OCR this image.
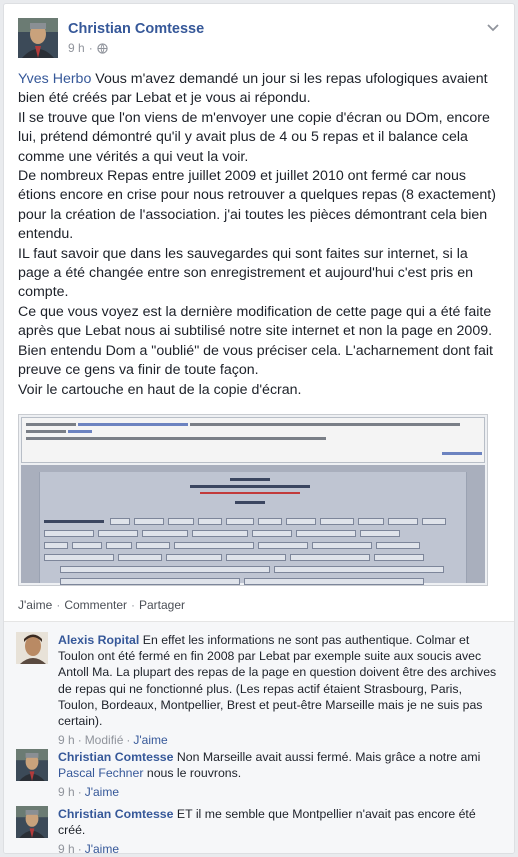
Christian Comtesse
9 h ·

Yves Herbo Vous m'avez demandé un jour si les repas ufologiques avaient bien été créés par Lebat et je vous ai répondu.

Il se trouve que l'on viens de m'envoyer une copie d'écran ou DOm, encore lui, prétend démontré qu'il y avait plus de 4 ou 5 repas et il balance cela comme une vérités a qui veut la voir.

De nombreux Repas entre juillet 2009 et juillet 2010 ont fermé car nous étions encore en crise pour nous retrouver a quelques repas (8 exactement) pour la création de l'association. j'ai toutes les pièces démontrant cela bien entendu.

IL faut savoir que dans les sauvegardes qui sont faites sur internet, si la page a été changée entre son enregistrement et aujourd'hui c'est pris en compte.

Ce que vous voyez est la dernière modification de cette page qui a été faite après que Lebat nous ai subtilisé notre site internet et non la page en 2009.

Bien entendu Dom a "oublié" de vous préciser cela. L'acharnement dont fait preuve ce gens va finir de toute façon.

Voir le cartouche en haut de la copie d'écran.

J'aime · Commenter · Partager
Alexis Ropital En effet les informations ne sont pas authentique. Colmar et Toulon ont été fermé en fin 2008 par Lebat par exemple suite aux soucis avec Antoll Ma. La plupart des repas de la page en question doivent être des archives de repas qui ne fonctionné plus. (Les repas actif étaient Strasbourg, Paris, Toulon, Bordeaux, Montpellier, Brest et peut-être Marseille mais je ne suis pas certain).
9 h · Modifié · J'aime
Christian Comtesse Non Marseille avait aussi fermé. Mais grâce a notre ami Pascal Fechner nous le rouvrons.
9 h · J'aime
Christian Comtesse ET il me semble que Montpellier n'avait pas encore été créé.
9 h · J'aime
